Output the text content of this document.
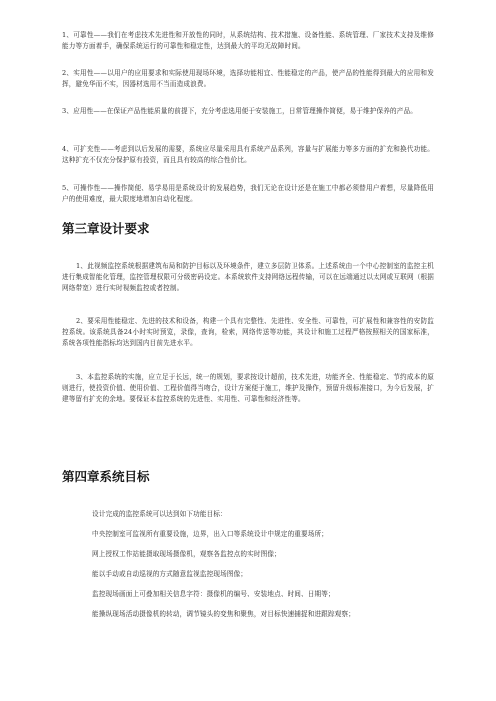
1、可靠性——我们在考虑技术先进性和开放性的同时，从系统结构、技术措施、设备性能、系统管理、厂家技术支持及维修能力等方面着手，确保系统运行的可靠性和稳定性，达到最大的平均无故障时间。

2、实用性——以用户的应用要求和实际使用现场环境，选择功能相宜、性能稳定的产品，使产品的性能得到最大的应用和发挥，避免华而不实，因器材选用不当而造成浪费。

3、应用性——在保证产品性能质量的前提下，充分考虑选用便于安装施工，日常管理操作简便，易于维护保养的产品。

4、可扩充性——考虑到以后发展的需要，系统应尽量采用具有系统产品系列，容量与扩展能力等多方面的扩充和换代功能。这种扩充不仅充分保护原有投资，而且具有较高的综合性价比。

5、可操作性——操作简便、易学易用是系统设计的发展趋势，我们无论在设计还是在施工中都必须替用户着想，尽量降低用户的使用难度，最大限度地增加自动化程度。

第三章设计要求

1、此视频监控系统根据建筑布局和防护目标以及环境条件，建立多层防卫体系。上述系统由一个中心控制室的监控主机进行集成智能化管理，监控管理权限可分级密码设定。本系统软件支持网络远程传输，可以在远端通过以太网或互联网（根据网络带宽）进行实时视频监控或者控制。

2、要采用性能稳定、先进的技术和设备，构建一个具有完整性、先进性、安全性、可靠性，可扩展性和兼容性的安防监控系统。该系统具备24小时实时预览，录像，查询，检索，网络传送等功能，其设计和施工过程严格按照相关的国家标准，系统各项性能指标均达到国内目前先进水平。

3、本监控系统的实施，应立足于长远，统一的规划，要求按设计超前，技术先进，功能齐全、性能稳定、节约成本的原则进行，使投资价值、使用价值、工程价值得当吻合，设计方案便于施工，维护及操作，预留升级标准接口，为今后发展，扩建等留有扩充的余地。要保证本监控系统的先进性、实用性、可靠性和经济性等。

第四章系统目标

设计完成的监控系统可以达到如下功能目标：

中央控制室可监视所有重要设施，边界，出入口等系统设计中规定的重要场所；

网上授权工作站能摄取现场摄像机，观察各监控点的实时图像；

能以手动或自动巡视的方式随意监视监控现场图像；

监控现场画面上可叠加相关信息字符：摄像机的编号、安装地点、时间、日期等；

能操纵现场活动摄像机的转动，调节镜头的变焦和聚焦，对目标快速捕捉和进跟踪观察；
